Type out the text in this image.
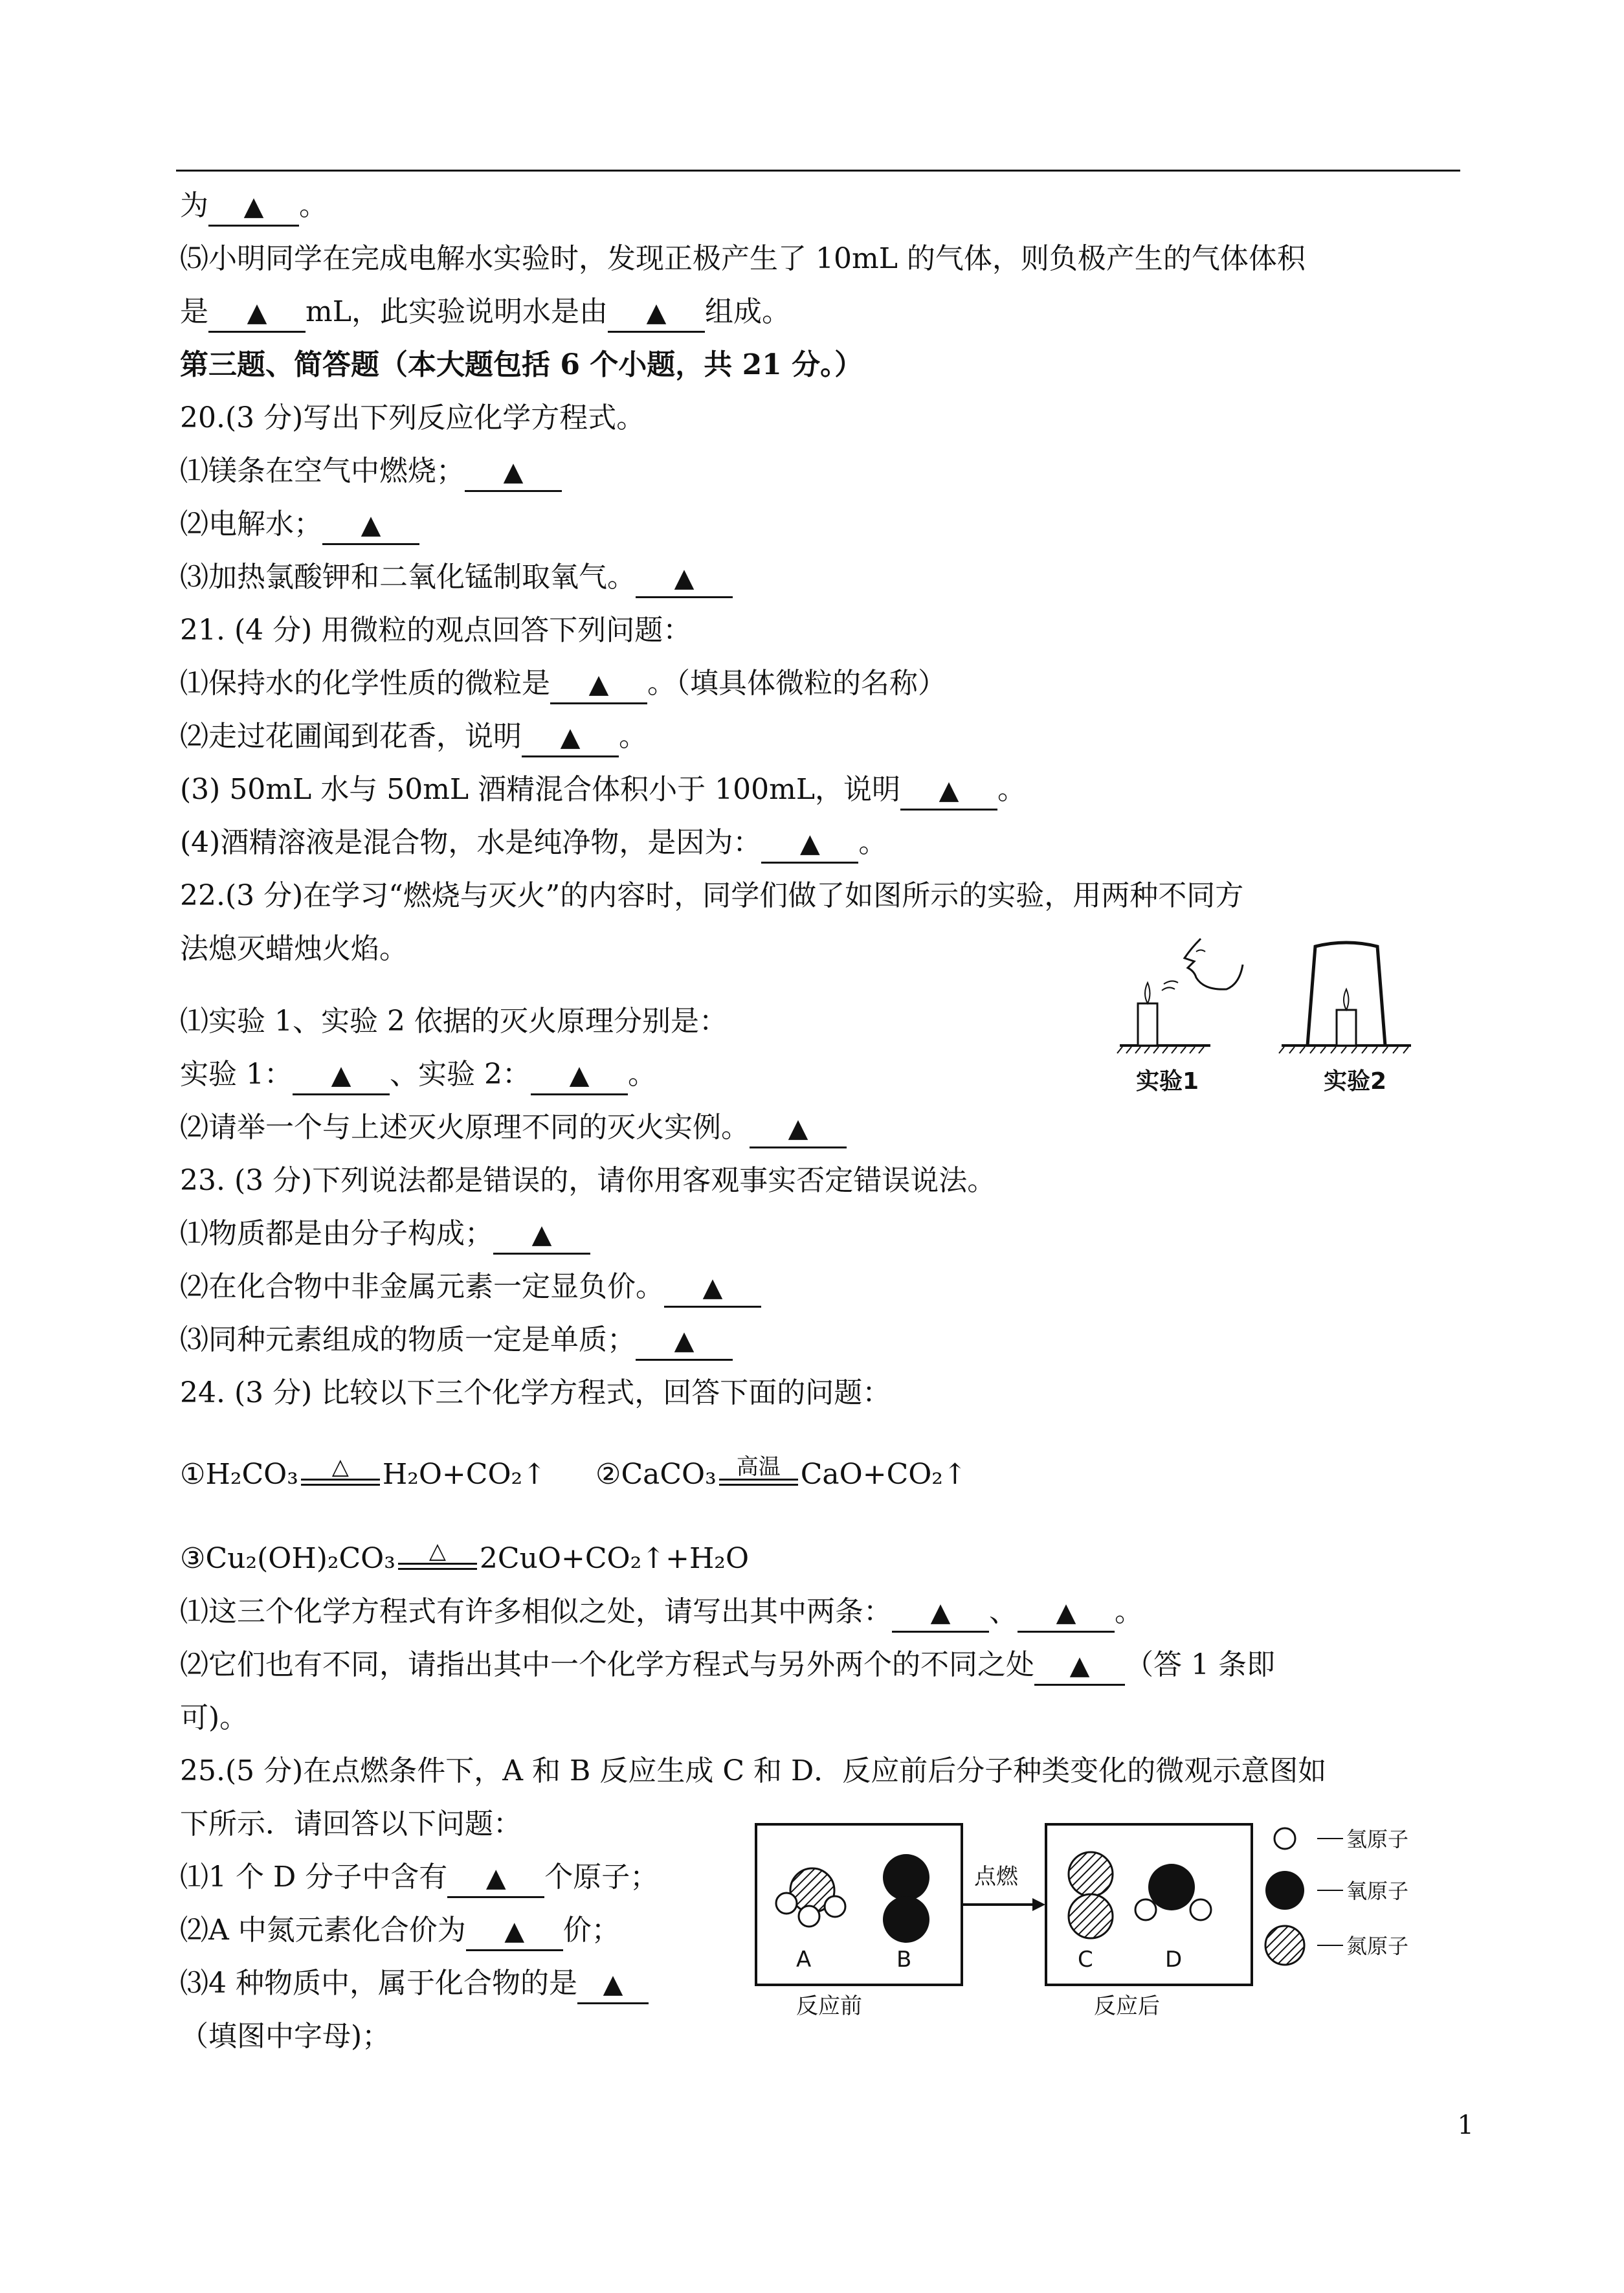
为 ▲ 。
⑸小明同学在完成电解水实验时，发现正极产生了 10mL 的气体，则负极产生的气体体积
是 ▲ mL，此实验说明水是由 ▲ 组成。
第三题、简答题（本大题包括 6 个小题，共 21 分。）
20.(3 分)写出下列反应化学方程式。
⑴镁条在空气中燃烧； ▲
⑵电解水； ▲
⑶加热氯酸钾和二氧化锰制取氧气。 ▲
21. (4 分) 用微粒的观点回答下列问题：
⑴保持水的化学性质的微粒是 ▲ 。（填具体微粒的名称）
⑵走过花圃闻到花香，说明 ▲ 。
(3) 50mL 水与 50mL 酒精混合体积小于 100mL，说明 ▲ 。
(4)酒精溶液是混合物，水是纯净物，是因为： ▲ 。
22.(3 分)在学习“燃烧与灭火”的内容时，同学们做了如图所示的实验，用两种不同方
法熄灭蜡烛火焰。
⑴实验 1、实验 2 依据的灭火原理分别是：
实验 1： ▲ 、实验 2： ▲ 。
⑵请举一个与上述灭火原理不同的灭火实例。 ▲
实验1	实验2
23. (3 分)下列说法都是错误的，请你用客观事实否定错误说法。
⑴物质都是由分子构成； ▲
⑵在化合物中非金属元素一定显负价。 ▲
⑶同种元素组成的物质一定是单质； ▲
24. (3 分) 比较以下三个化学方程式，回答下面的问题：
①H₂CO₃	△	H₂O+CO₂↑ ②CaCO₃ 高温 CaO+CO₂↑
③Cu₂(OH)₂CO₃	△	2CuO+CO₂↑+H₂O
⑴这三个化学方程式有许多相似之处，请写出其中两条： ▲ 、 ▲ 。
⑵它们也有不同，请指出其中一个化学方程式与另外两个的不同之处 ▲ （答 1 条即
可)。
25.(5 分)在点燃条件下，A 和 B 反应生成 C 和 D．反应前后分子种类变化的微观示意图如
下所示．请回答以下问题：
⑴1 个 D 分子中含有 ▲ 个原子；
⑵A 中氮元素化合价为 ▲ 价；
⑶4 种物质中，属于化合物的是 ▲
（填图中字母)；
A	B
点燃
C	D
反应前	反应后
氢原子
氧原子
氮原子
1
